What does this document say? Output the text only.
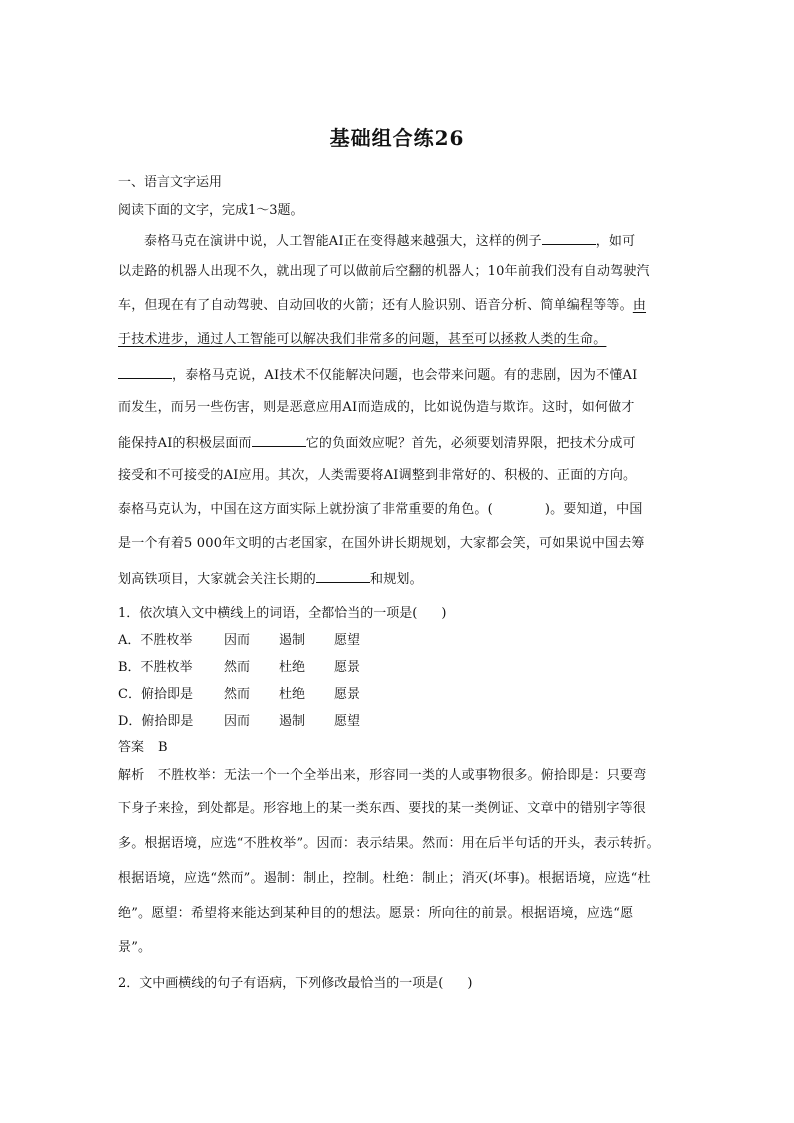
基础组合练26
一、语言文字运用
阅读下面的文字，完成1～3题。
泰格马克在演讲中说，人工智能AI正在变得越来越强大，这样的例子	，如可
以走路的机器人出现不久，就出现了可以做前后空翻的机器人；10年前我们没有自动驾驶汽
车，但现在有了自动驾驶、自动回收的火箭；还有人脸识别、语音分析、简单编程等等。由
于技术进步，通过人工智能可以解决我们非常多的问题，甚至可以拯救人类的生命。
，泰格马克说，AI技术不仅能解决问题，也会带来问题。有的悲剧，因为不懂AI
而发生，而另一些伤害，则是恶意应用AI而造成的，比如说伪造与欺诈。这时，如何做才
能保持AI的积极层面而	它的负面效应呢？首先，必须要划清界限，把技术分成可
接受和不可接受的AI应用。其次，人类需要将AI调整到非常好的、积极的、正面的方向。
泰格马克认为，中国在这方面实际上就扮演了非常重要的角色。(	)。要知道，中国
是一个有着5 000年文明的古老国家，在国外讲长期规划，大家都会笑，可如果说中国去筹
划高铁项目，大家就会关注长期的	和规划。
1．依次填入文中横线上的词语，全都恰当的一项是( )
A．不胜枚举 因而 遏制 愿望
B．不胜枚举 然而 杜绝 愿景
C．俯拾即是 然而 杜绝 愿景
D．俯拾即是 因而 遏制 愿望
答案 B
解析 不胜枚举：无法一个一个全举出来，形容同一类的人或事物很多。俯拾即是：只要弯
下身子来捡，到处都是。形容地上的某一类东西、要找的某一类例证、文章中的错别字等很
多。根据语境，应选“不胜枚举”。因而：表示结果。然而：用在后半句话的开头，表示转折。
根据语境，应选“然而”。遏制：制止，控制。杜绝：制止；消灭(坏事)。根据语境，应选“杜
绝”。愿望：希望将来能达到某种目的的想法。愿景：所向往的前景。根据语境，应选“愿
景”。
2．文中画横线的句子有语病，下列修改最恰当的一项是( )
